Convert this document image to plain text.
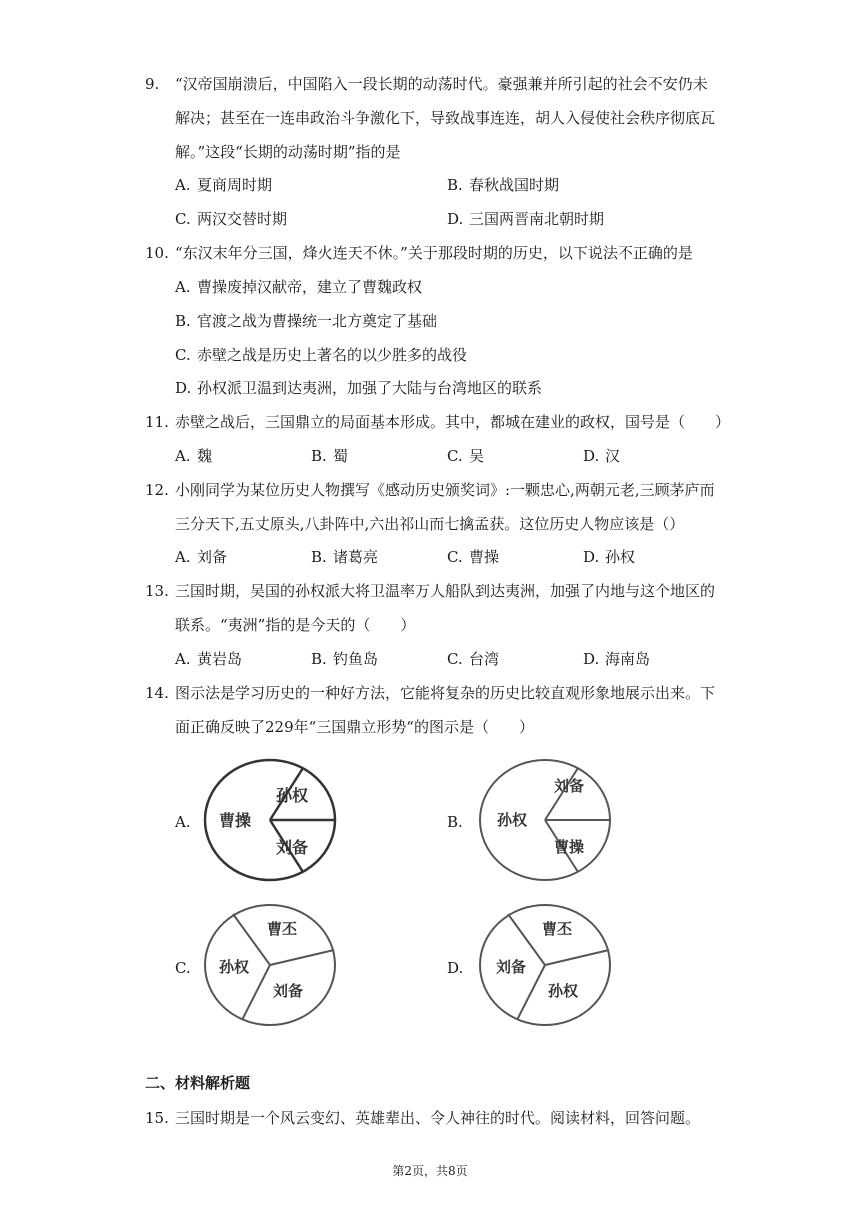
9. “汉帝国崩溃后，中国陷入一段长期的动荡时代。豪强兼并所引起的社会不安仍未
解决；甚至在一连串政治斗争激化下，导致战事连连，胡人入侵使社会秩序彻底瓦
解。”这段“长期的动荡时期”指的是
A. 夏商周时期	B. 春秋战国时期
C. 两汉交替时期	D. 三国两晋南北朝时期
10. “东汉末年分三国，烽火连天不休。”关于那段时期的历史，以下说法不正确的是
A. 曹操废掉汉献帝，建立了曹魏政权
B. 官渡之战为曹操统一北方奠定了基础
C. 赤壁之战是历史上著名的以少胜多的战役
D. 孙权派卫温到达夷洲，加强了大陆与台湾地区的联系
11. 赤壁之战后，三国鼎立的局面基本形成。其中，都城在建业的政权，国号是（　　）
A. 魏	B. 蜀	C. 吴	D. 汉
12. 小刚同学为某位历史人物撰写《感动历史颁奖词》:一颗忠心,两朝元老,三顾茅庐而
三分天下,五丈原头,八卦阵中,六出祁山而七擒孟获。这位历史人物应该是（）
A. 刘备	B. 诸葛亮	C. 曹操	D. 孙权
13. 三国时期，吴国的孙权派大将卫温率万人船队到达夷洲，加强了内地与这个地区的
联系。“夷洲”指的是今天的（　　）
A. 黄岩岛	B. 钓鱼岛	C. 台湾	D. 海南岛
14. 图示法是学习历史的一种好方法，它能将复杂的历史比较直观形象地展示出来。下
面正确反映了229年“三国鼎立形势“的图示是（　　）
A.
孙权
曹操
刘备
B.
刘备
孙权
曹操
C.
曹丕
孙权
刘备
D.
曹丕
刘备
孙权
二、材料解析题
15. 三国时期是一个风云变幻、英雄辈出、令人神往的时代。阅读材料，回答问题。
第2页，共8页
